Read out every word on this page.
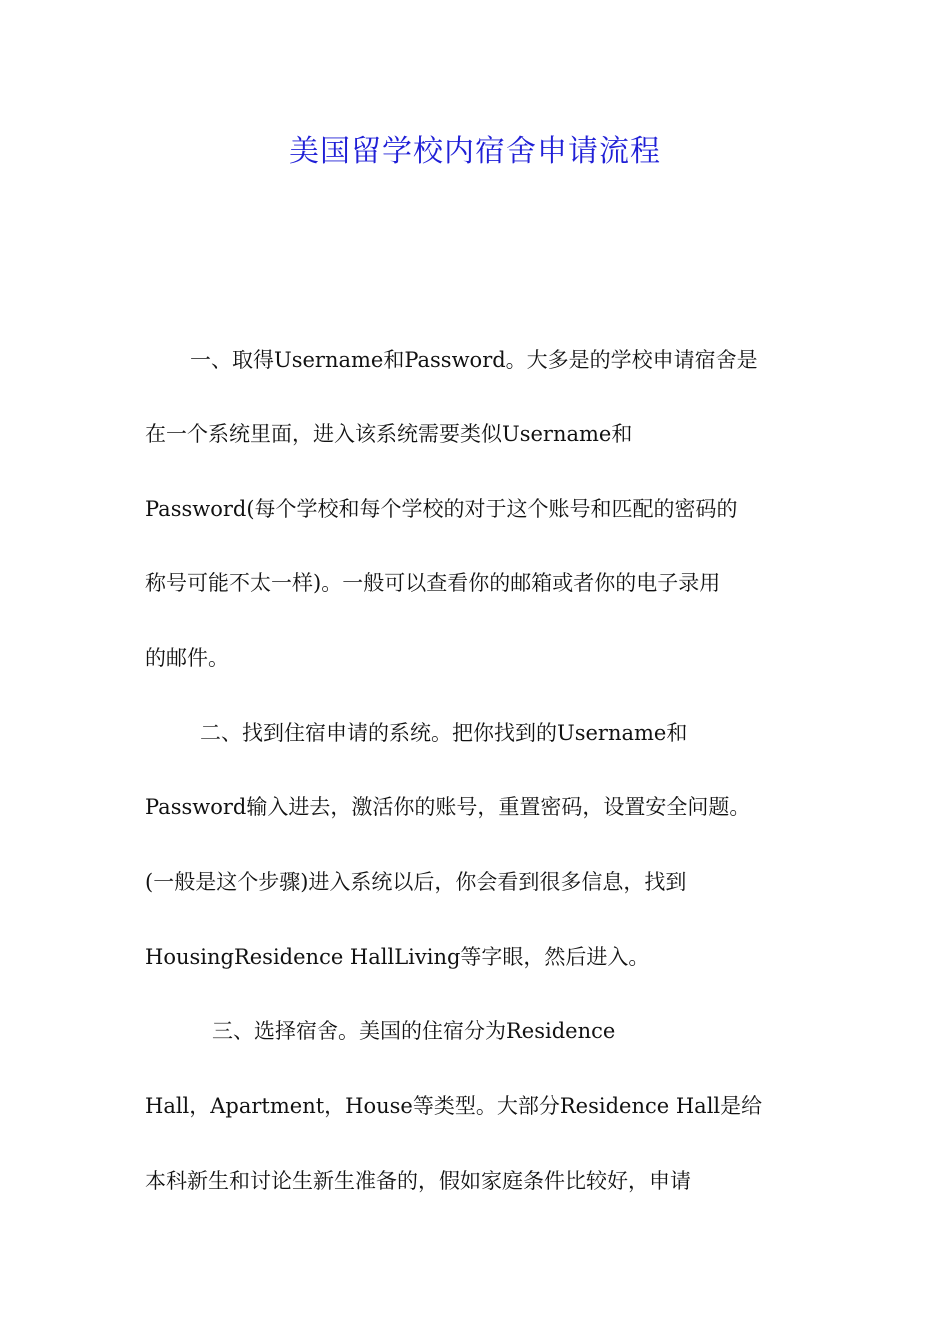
美国留学校内宿舍申请流程
一、取得Username和Password。大多是的学校申请宿舍是
在一个系统里面，进入该系统需要类似Username和
Password(每个学校和每个学校的对于这个账号和匹配的密码的
称号可能不太一样)。一般可以查看你的邮箱或者你的电子录用
的邮件。
二、找到住宿申请的系统。把你找到的Username和
Password输入进去，激活你的账号，重置密码，设置安全问题。
(一般是这个步骤)进入系统以后，你会看到很多信息，找到
HousingResidence HallLiving等字眼，然后进入。
三、选择宿舍。美国的住宿分为Residence
Hall，Apartment，House等类型。大部分Residence Hall是给
本科新生和讨论生新生准备的，假如家庭条件比较好，申请
